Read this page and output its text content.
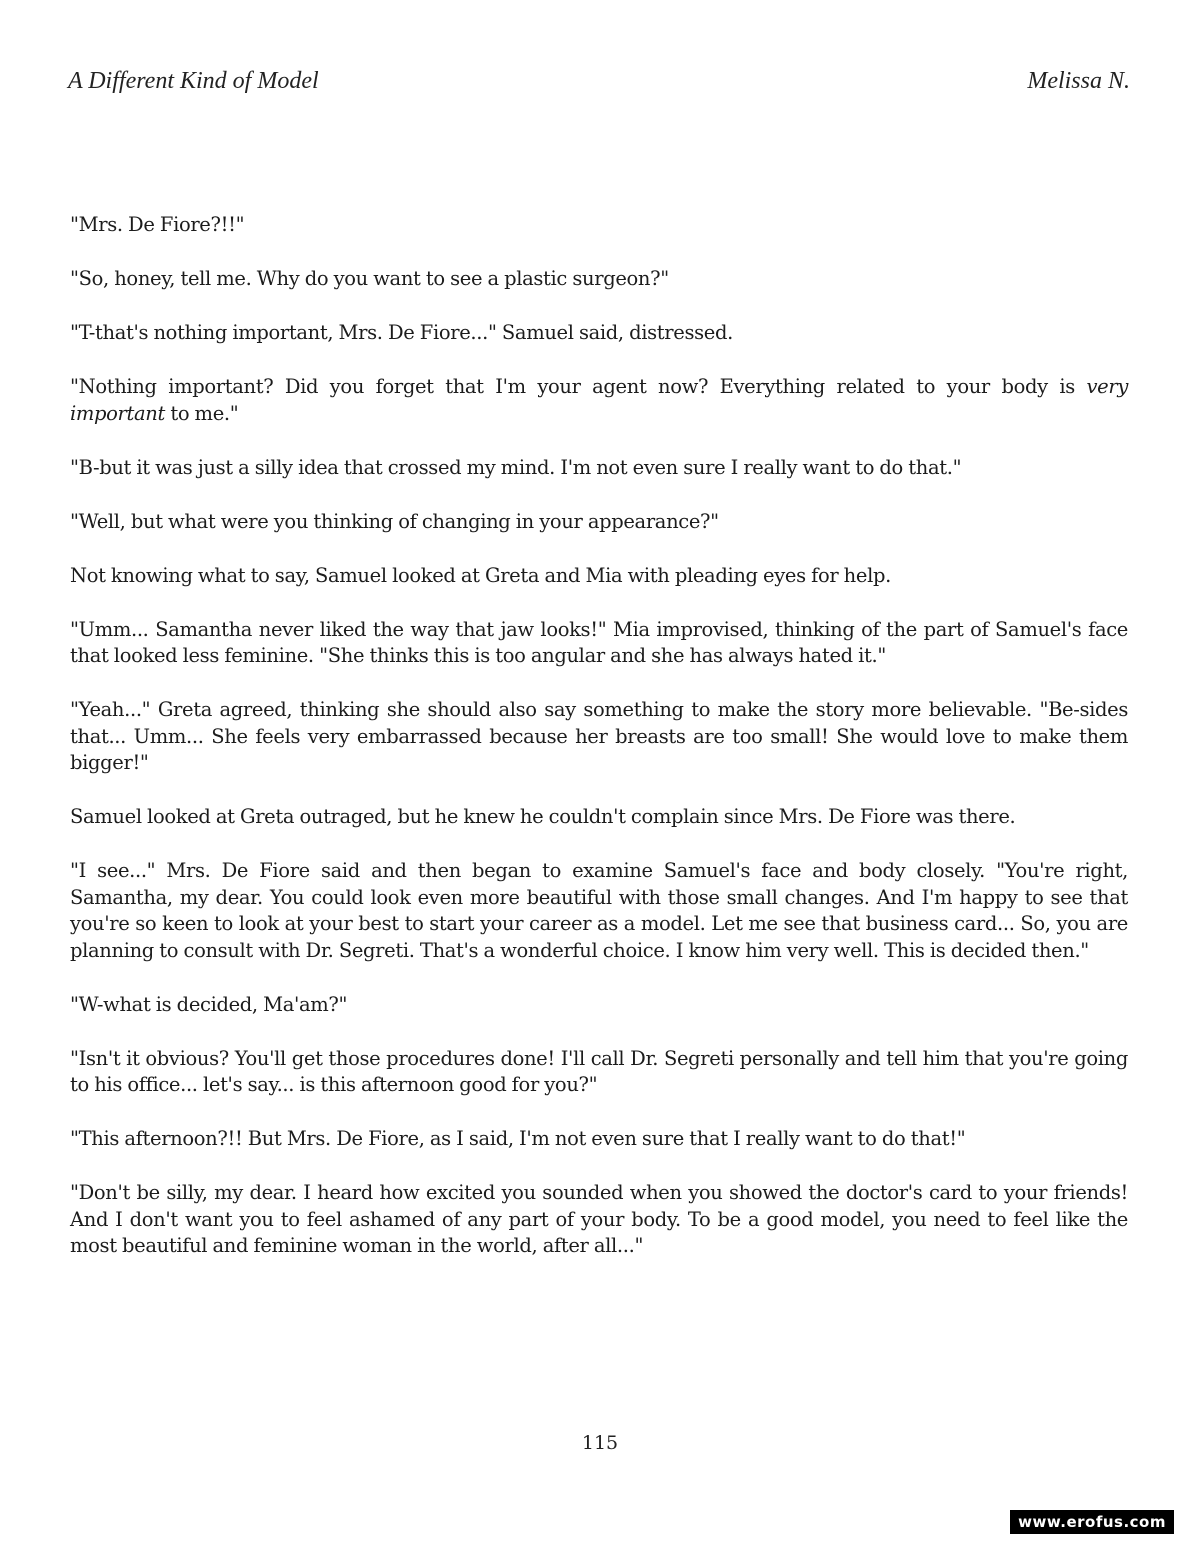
A Different Kind of Model	Melissa N.

"Mrs. De Fiore?!!"

"So, honey, tell me. Why do you want to see a plastic surgeon?"

"T-that's nothing important, Mrs. De Fiore..." Samuel said, distressed.

"Nothing important? Did you forget that I'm your agent now? Everything related to your body is very important to me."

"B-but it was just a silly idea that crossed my mind. I'm not even sure I really want to do that."

"Well, but what were you thinking of changing in your appearance?"

Not knowing what to say, Samuel looked at Greta and Mia with pleading eyes for help.

"Umm... Samantha never liked the way that jaw looks!" Mia improvised, thinking of the part of Samuel's face that looked less feminine. "She thinks this is too angular and she has always hated it."

"Yeah..." Greta agreed, thinking she should also say something to make the story more believable. "Be-sides that... Umm... She feels very embarrassed because her breasts are too small! She would love to make them bigger!"

Samuel looked at Greta outraged, but he knew he couldn't complain since Mrs. De Fiore was there.

"I see..." Mrs. De Fiore said and then began to examine Samuel's face and body closely. "You're right, Samantha, my dear. You could look even more beautiful with those small changes. And I'm happy to see that you're so keen to look at your best to start your career as a model. Let me see that business card... So, you are planning to consult with Dr. Segreti. That's a wonderful choice. I know him very well. This is decided then."

"W-what is decided, Ma'am?"

"Isn't it obvious? You'll get those procedures done! I'll call Dr. Segreti personally and tell him that you're going to his office... let's say... is this afternoon good for you?"

"This afternoon?!! But Mrs. De Fiore, as I said, I'm not even sure that I really want to do that!"

"Don't be silly, my dear. I heard how excited you sounded when you showed the doctor's card to your friends! And I don't want you to feel ashamed of any part of your body. To be a good model, you need to feel like the most beautiful and feminine woman in the world, after all..."

115
www.erofus.com
